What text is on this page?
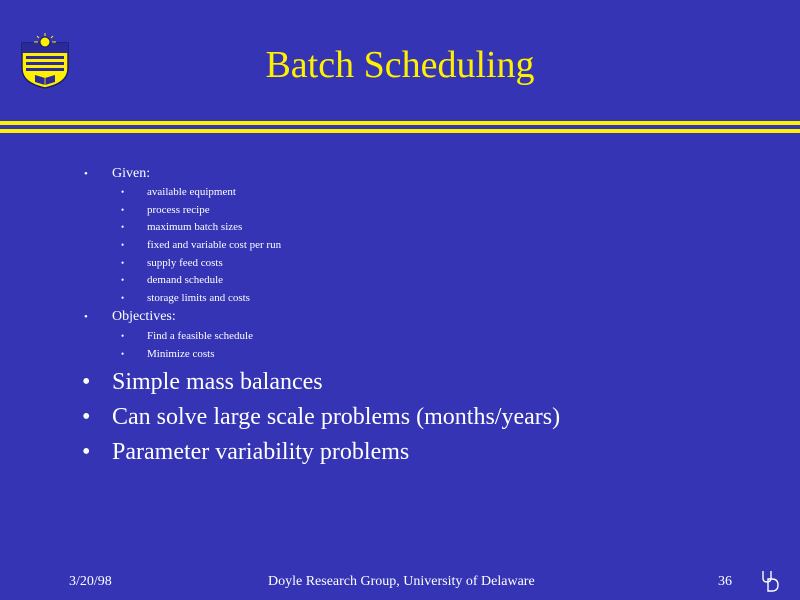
Batch Scheduling
• Given:
• available equipment
• process recipe
• maximum batch sizes
• fixed and variable cost per run
• supply feed costs
• demand schedule
• storage limits and costs
• Objectives:
• Find a feasible schedule
• Minimize costs
• Simple mass balances
• Can solve large scale problems (months/years)
• Parameter variability problems
3/20/98	Doyle Research Group, University of Delaware	36
